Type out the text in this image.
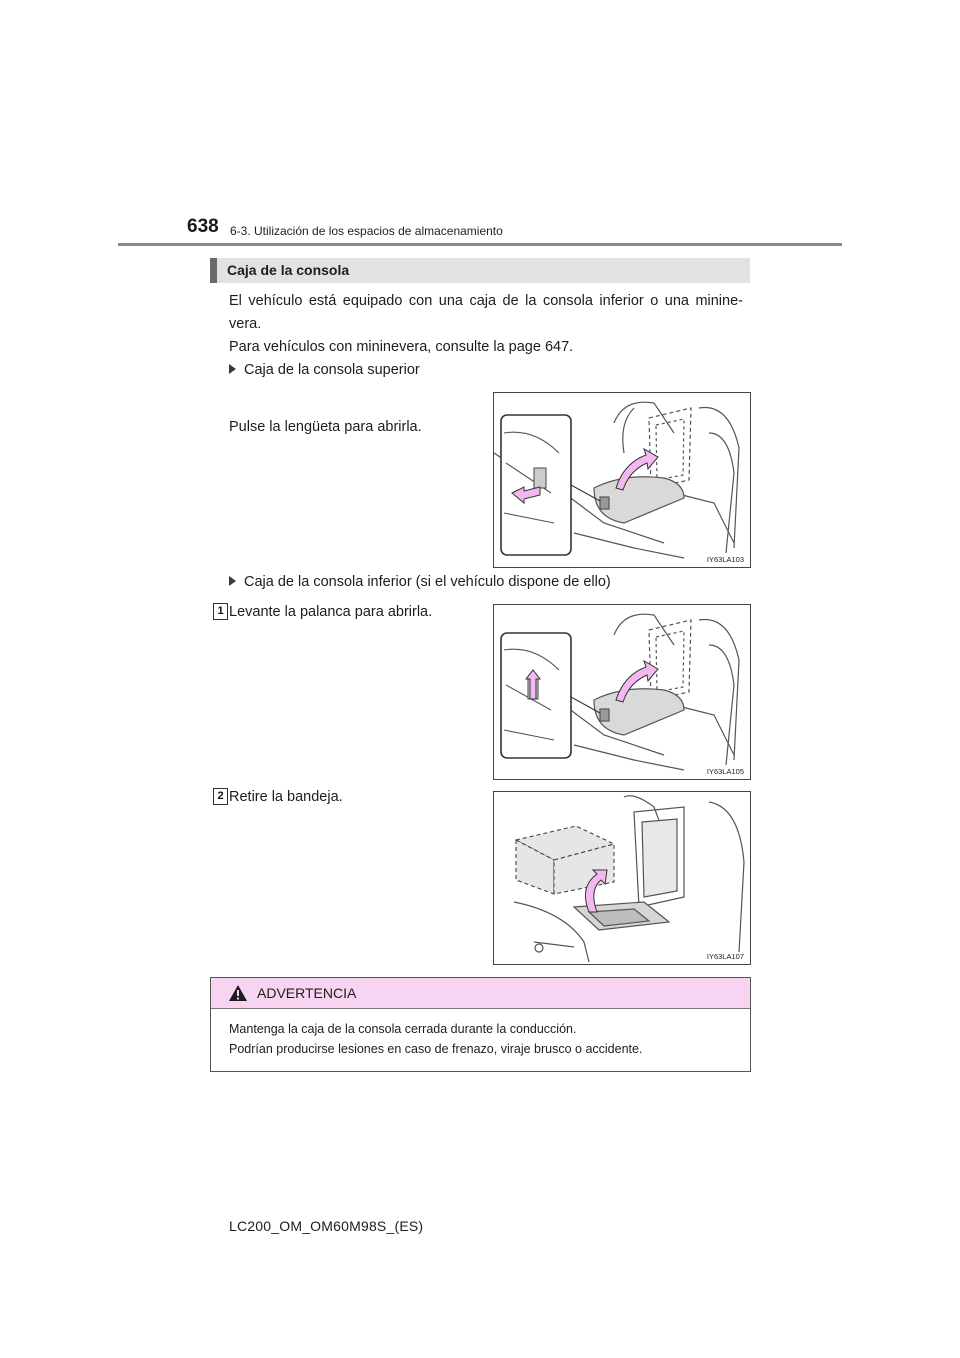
638 6-3. Utilización de los espacios de almacenamiento
Caja de la consola
El vehículo está equipado con una caja de la consola inferior o una minine-vera.
Para vehículos con mininevera, consulte la page 647.
Caja de la consola superior
Pulse la lengüeta para abrirla.
IY63LA103
Caja de la consola inferior (si el vehículo dispone de ello)
1 Levante la palanca para abrirla.
IY63LA105
2 Retire la bandeja.
IY63LA107
ADVERTENCIA
Mantenga la caja de la consola cerrada durante la conducción.
Podrían producirse lesiones en caso de frenazo, viraje brusco o accidente.
LC200_OM_OM60M98S_(ES)
